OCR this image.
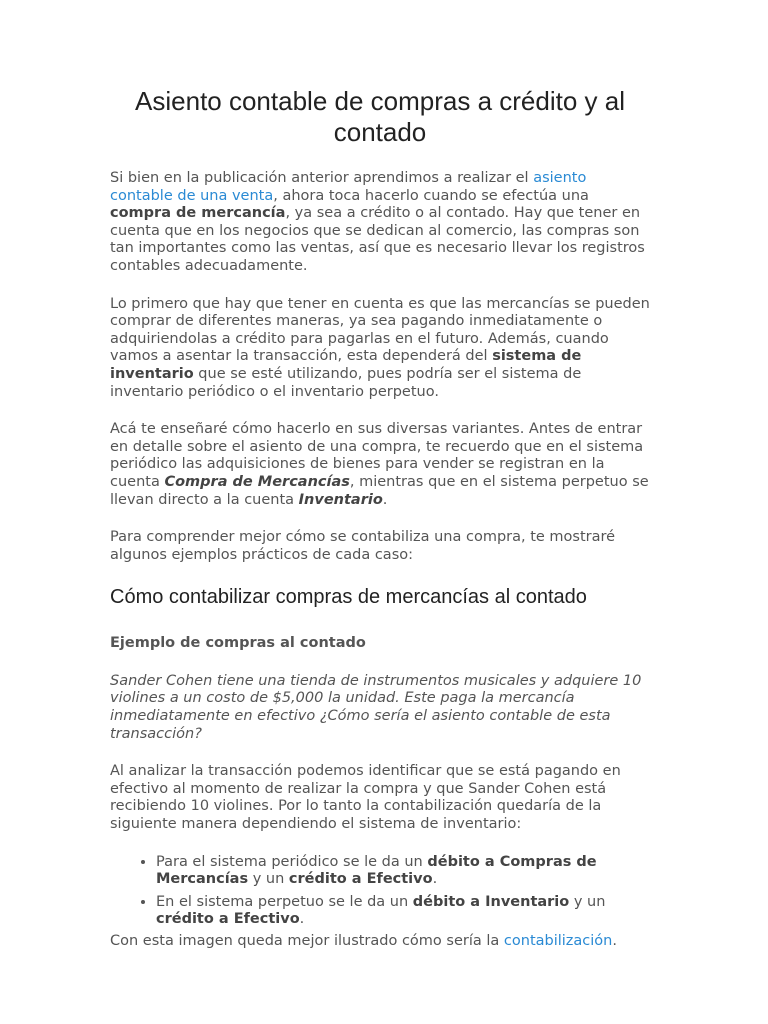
Asiento contable de compras a crédito y al contado

Si bien en la publicación anterior aprendimos a realizar el asiento contable de una venta, ahora toca hacerlo cuando se efectúa una compra de mercancía, ya sea a crédito o al contado. Hay que tener en cuenta que en los negocios que se dedican al comercio, las compras son tan importantes como las ventas, así que es necesario llevar los registros contables adecuadamente.

Lo primero que hay que tener en cuenta es que las mercancías se pueden comprar de diferentes maneras, ya sea pagando inmediatamente o adquiriendolas a crédito para pagarlas en el futuro. Además, cuando vamos a asentar la transacción, esta dependerá del sistema de inventario que se esté utilizando, pues podría ser el sistema de inventario periódico o el inventario perpetuo.

Acá te enseñaré cómo hacerlo en sus diversas variantes. Antes de entrar en detalle sobre el asiento de una compra, te recuerdo que en el sistema periódico las adquisiciones de bienes para vender se registran en la cuenta Compra de Mercancías, mientras que en el sistema perpetuo se llevan directo a la cuenta Inventario.

Para comprender mejor cómo se contabiliza una compra, te mostraré algunos ejemplos prácticos de cada caso:

Cómo contabilizar compras de mercancías al contado

Ejemplo de compras al contado

Sander Cohen tiene una tienda de instrumentos musicales y adquiere 10 violines a un costo de $5,000 la unidad. Este paga la mercancía inmediatamente en efectivo ¿Cómo sería el asiento contable de esta transacción?

Al analizar la transacción podemos identificar que se está pagando en efectivo al momento de realizar la compra y que Sander Cohen está recibiendo 10 violines. Por lo tanto la contabilización quedaría de la siguiente manera dependiendo el sistema de inventario:

• Para el sistema periódico se le da un débito a Compras de Mercancías y un crédito a Efectivo.
• En el sistema perpetuo se le da un débito a Inventario y un crédito a Efectivo.

Con esta imagen queda mejor ilustrado cómo sería la contabilización.
